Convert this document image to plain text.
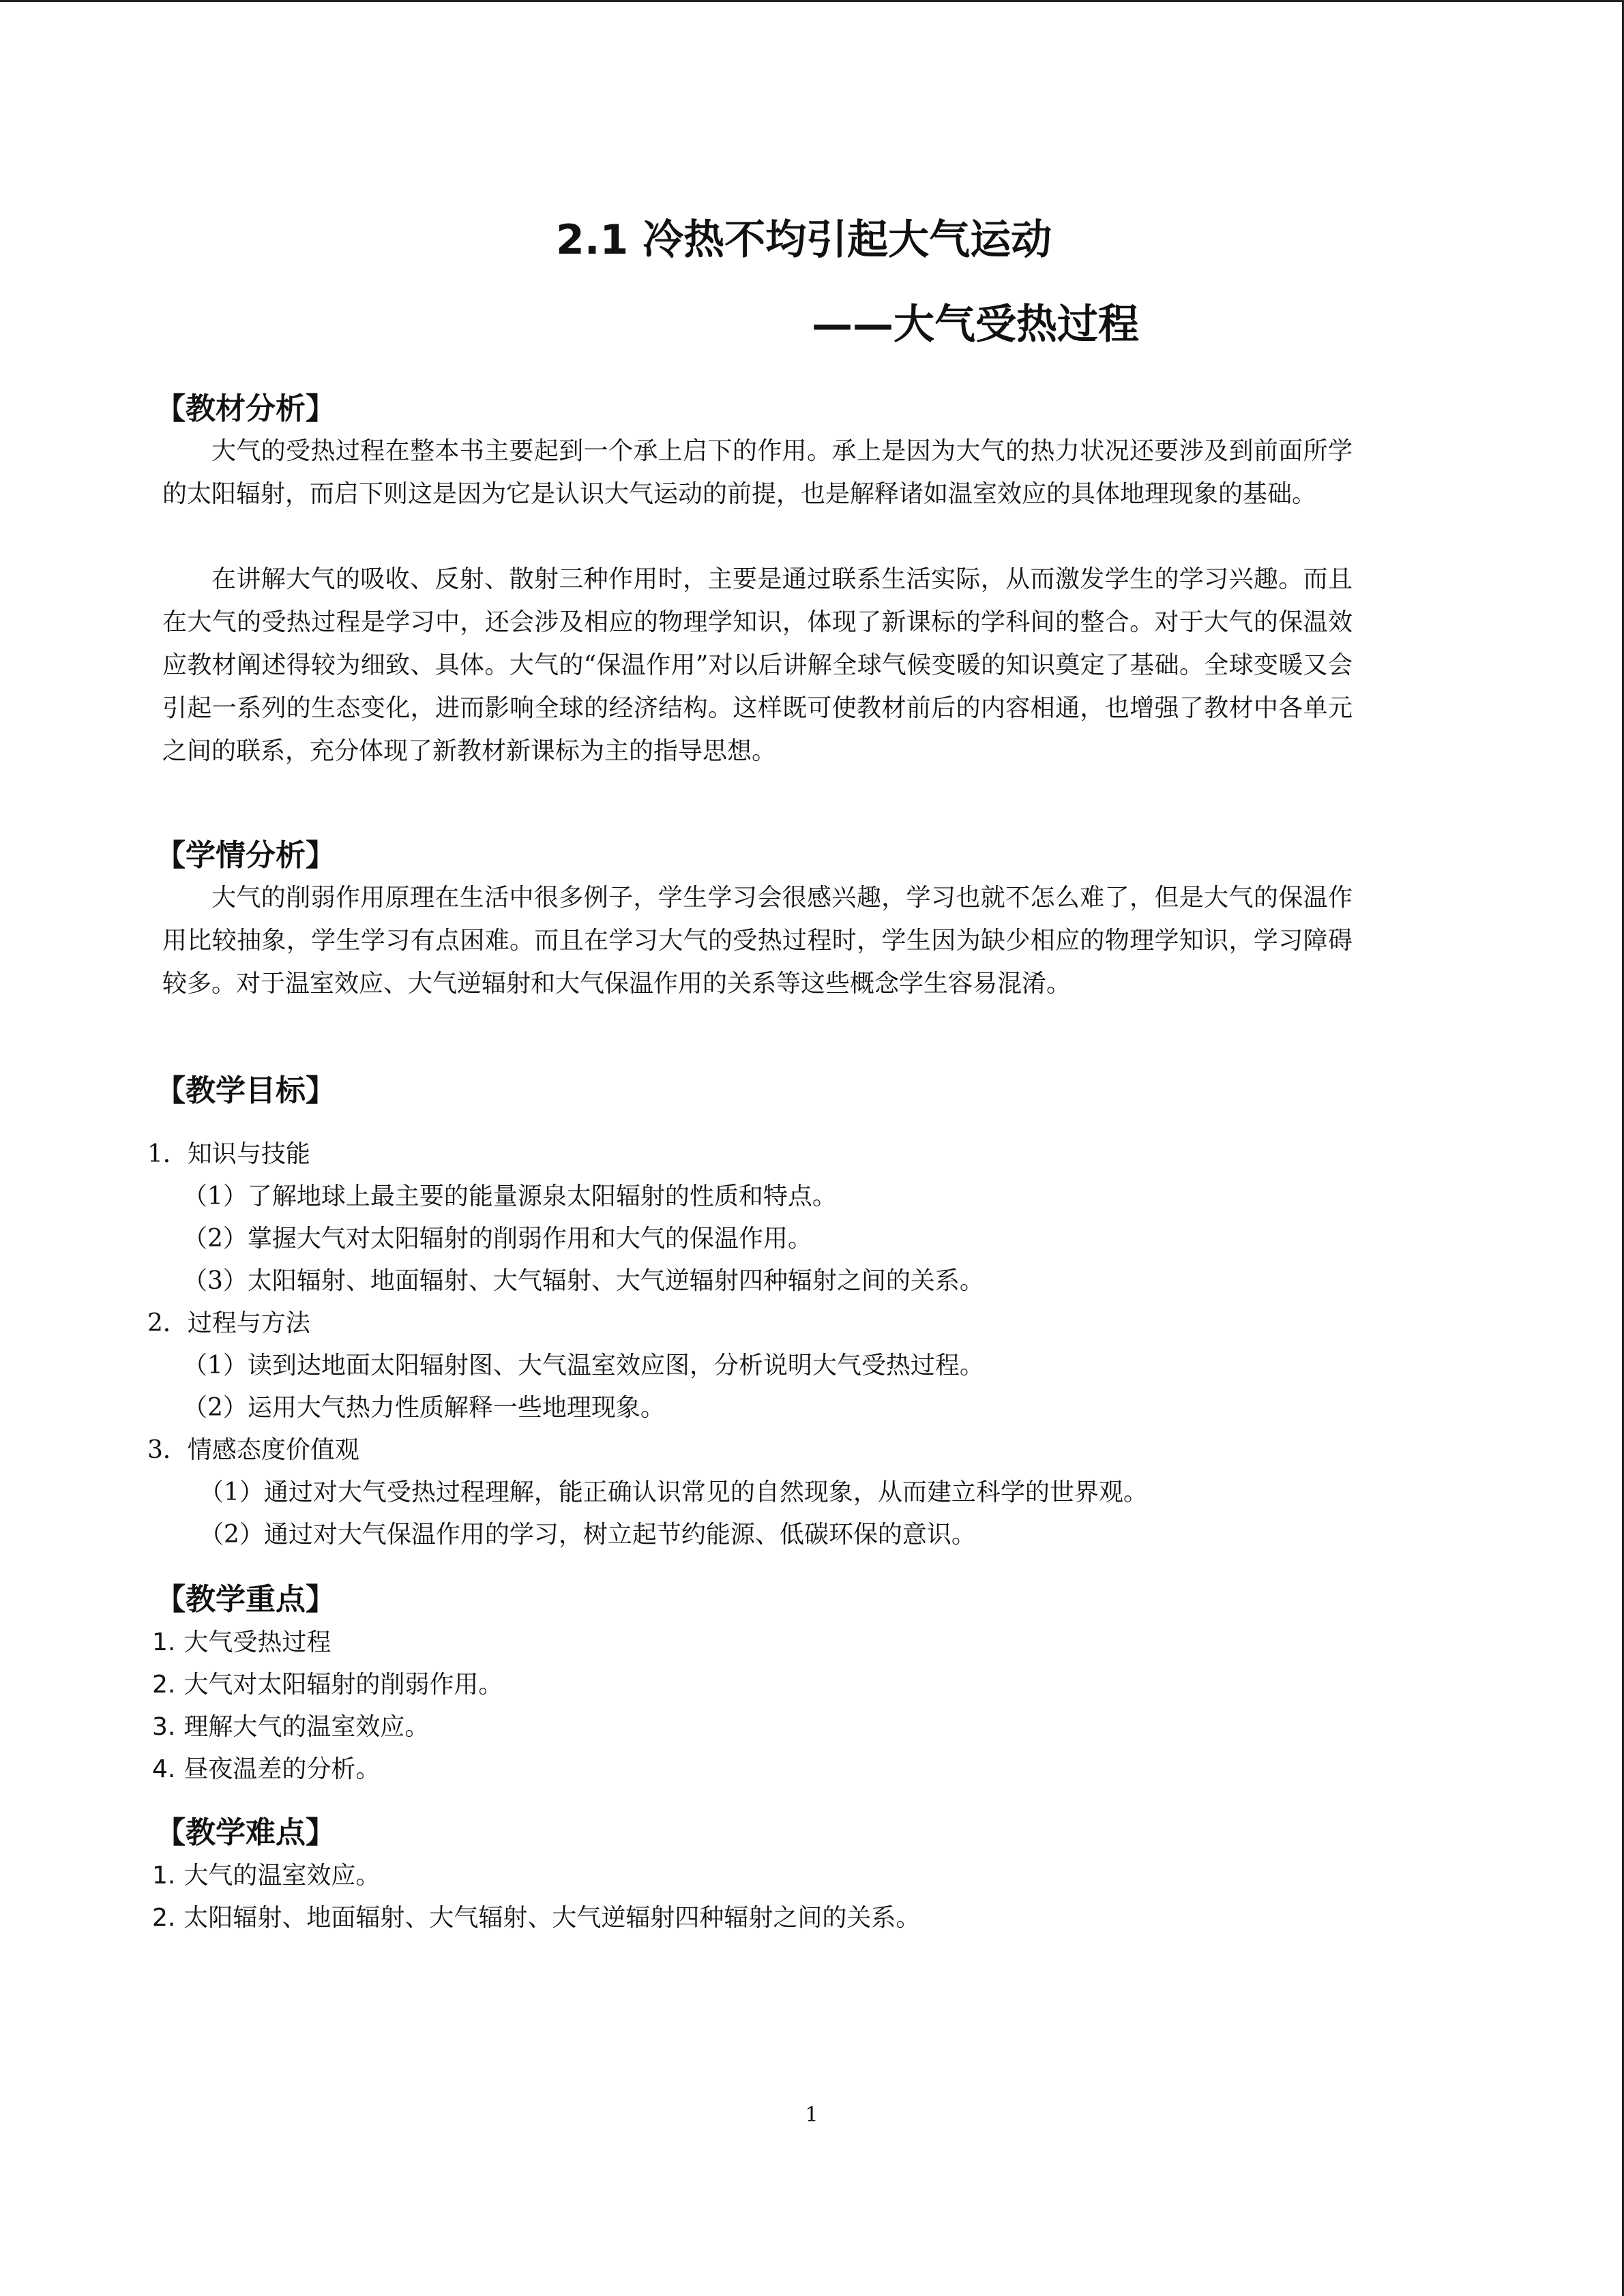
2.1 冷热不均引起大气运动
——大气受热过程
【教材分析】

大气的受热过程在整本书主要起到一个承上启下的作用。承上是因为大气的热力状况还要涉及到前面所学的太阳辐射，而启下则这是因为它是认识大气运动的前提，也是解释诸如温室效应的具体地理现象的基础。

在讲解大气的吸收、反射、散射三种作用时，主要是通过联系生活实际，从而激发学生的学习兴趣。而且在大气的受热过程是学习中，还会涉及相应的物理学知识，体现了新课标的学科间的整合。对于大气的保温效应教材阐述得较为细致、具体。大气的“保温作用”对以后讲解全球气候变暖的知识奠定了基础。全球变暖又会引起一系列的生态变化，进而影响全球的经济结构。这样既可使教材前后的内容相通，也增强了教材中各单元之间的联系，充分体现了新教材新课标为主的指导思想。

【学情分析】

大气的削弱作用原理在生活中很多例子，学生学习会很感兴趣，学习也就不怎么难了，但是大气的保温作用比较抽象，学生学习有点困难。而且在学习大气的受热过程时，学生因为缺少相应的物理学知识，学习障碍较多。对于温室效应、大气逆辐射和大气保温作用的关系等这些概念学生容易混淆。

【教学目标】
1．知识与技能
（1）了解地球上最主要的能量源泉太阳辐射的性质和特点。
（2）掌握大气对太阳辐射的削弱作用和大气的保温作用。
（3）太阳辐射、地面辐射、大气辐射、大气逆辐射四种辐射之间的关系。
2．过程与方法
（1）读到达地面太阳辐射图、大气温室效应图，分析说明大气受热过程。
（2）运用大气热力性质解释一些地理现象。
3．情感态度价值观
（1）通过对大气受热过程理解，能正确认识常见的自然现象，从而建立科学的世界观。
（2）通过对大气保温作用的学习，树立起节约能源、低碳环保的意识。
【教学重点】
1. 大气受热过程
2. 大气对太阳辐射的削弱作用。
3. 理解大气的温室效应。
4. 昼夜温差的分析。
【教学难点】
1. 大气的温室效应。
2. 太阳辐射、地面辐射、大气辐射、大气逆辐射四种辐射之间的关系。
1
